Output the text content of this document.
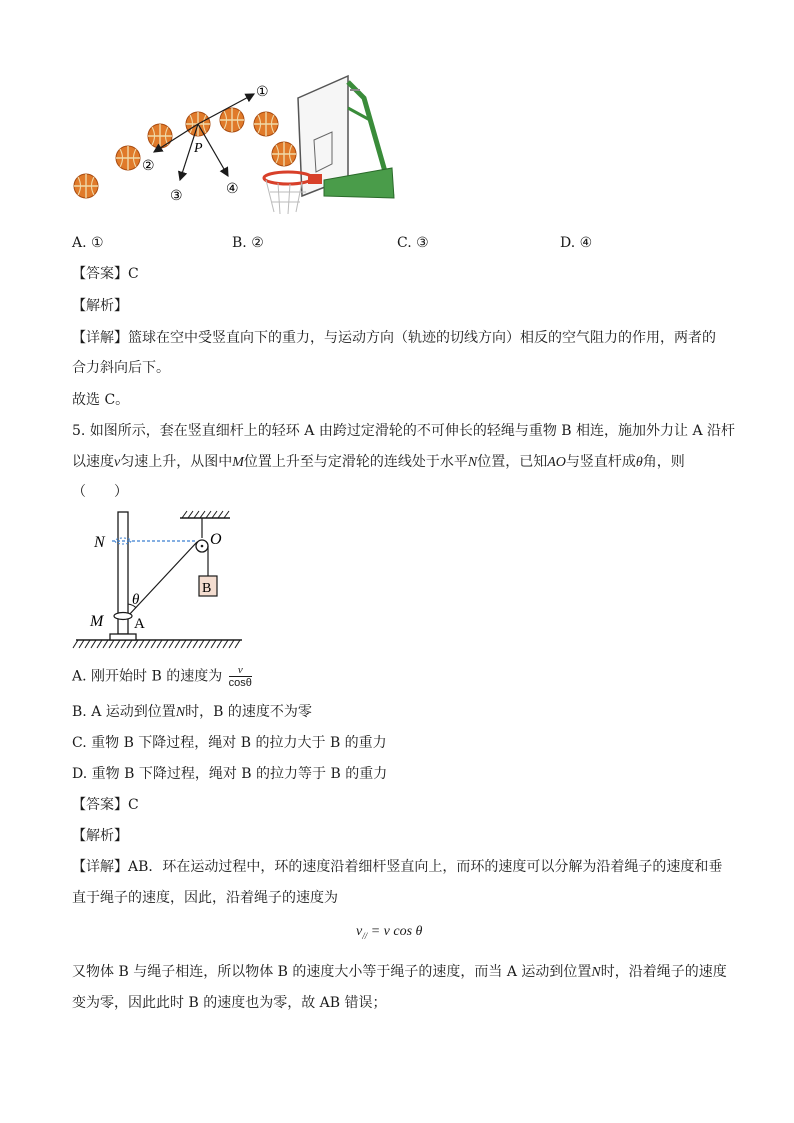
①
②
③	④
P
A. ①	B. ②	C. ③	D. ④
【答案】C
【解析】
【详解】篮球在空中受竖直向下的重力，与运动方向（轨迹的切线方向）相反的空气阻力的作用，两者的
合力斜向后下。
故选 C。
5. 如图所示，套在竖直细杆上的轻环 A 由跨过定滑轮的不可伸长的轻绳与重物 B 相连，施加外力让 A 沿杆
以速度v匀速上升，从图中M位置上升至与定滑轮的连线处于水平N位置，已知AO与竖直杆成θ角，则
（　　）
N	O
B
θ
M A
A. 刚开始时 B 的速度为 $\frac{v}{\cos\theta}$
B. A 运动到位置N时，B 的速度不为零
C. 重物 B 下降过程，绳对 B 的拉力大于 B 的重力
D. 重物 B 下降过程，绳对 B 的拉力等于 B 的重力
【答案】C
【解析】
【详解】AB．环在运动过程中，环的速度沿着细杆竖直向上，而环的速度可以分解为沿着绳子的速度和垂
直于绳子的速度，因此，沿着绳子的速度为
$v_{//} = v$ cos θ
又物体 B 与绳子相连，所以物体 B 的速度大小等于绳子的速度，而当 A 运动到位置N时，沿着绳子的速度
变为零，因此此时 B 的速度也为零，故 AB 错误；
